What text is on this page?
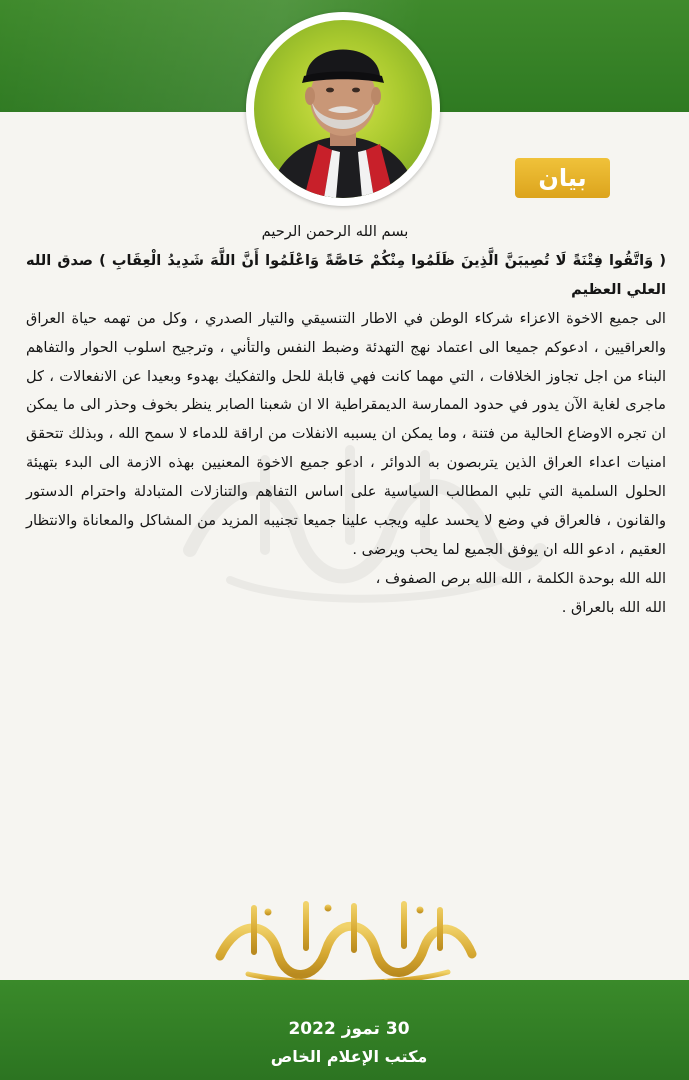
بيان

بسم الله الرحمن الرحيم

( وَاتَّقُوا فِتْنَةً لَا تُصِيبَنَّ الَّذِينَ ظَلَمُوا مِنْكُمْ خَاصَّةً وَاعْلَمُوا أَنَّ اللَّهَ شَدِيدُ الْعِقَابِ ) صدق الله العلي العظيم

الى جميع الاخوة الاعزاء شركاء الوطن في الاطار التنسيقي والتيار الصدري ، وكل من تهمه حياة العراق والعراقيين ، ادعوكم جميعا الى اعتماد نهج التهدئة وضبط النفس والتأني ، وترجيح اسلوب الحوار والتفاهم البناء من اجل تجاوز الخلافات ، التي مهما كانت فهي قابلة للحل والتفكيك بهدوء وبعيدا عن الانفعالات ، كل ماجرى لغاية الآن يدور في حدود الممارسة الديمقراطية الا ان شعبنا الصابر ينظر بخوف وحذر الى ما يمكن ان تجره الاوضاع الحالية من فتنة ، وما يمكن ان يسببه الانفلات من اراقة للدماء لا سمح الله ، وبذلك تتحقق امنيات اعداء العراق الذين يتربصون به الدوائر ، ادعو جميع الاخوة المعنيين بهذه الازمة الى البدء بتهيئة الحلول السلمية التي تلبي المطالب السياسية على اساس التفاهم والتنازلات المتبادلة واحترام الدستور والقانون ، فالعراق في وضع لا يحسد عليه ويجب علينا جميعا تجنيبه المزيد من المشاكل والمعاناة والانتظار العقيم ، ادعو الله ان يوفق الجميع لما يحب ويرضى .

الله الله بوحدة الكلمة ، الله الله برص الصفوف ،

الله الله بالعراق .

30 تموز 2022
مكتب الإعلام الخاص
